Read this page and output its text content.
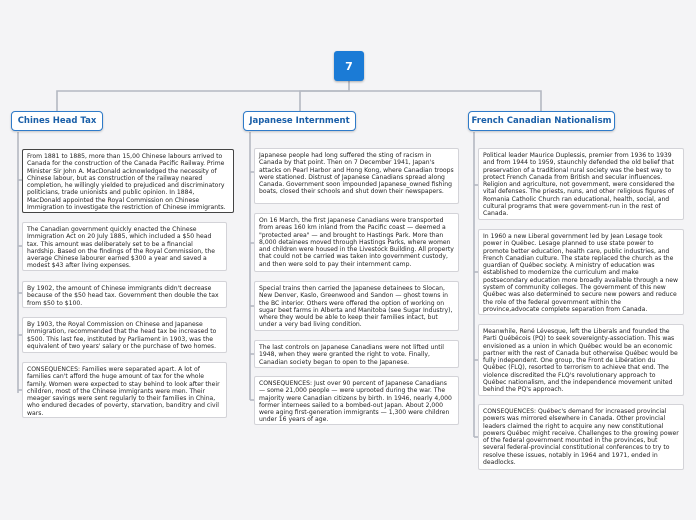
7
Chines Head Tax	Japanese Internment	French Canadian Nationalism
From 1881 to 1885, more than 15,00 Chinese labours arrived to Canada for the construction of the Canada Pacific Railway. Prime Minister Sir John A. MacDonald acknowledged the necessity of Chinese labour, but as construction of the railway neared completion, he willingly yielded to prejudiced and discriminatory politicians, trade unionists and public opinion. In 1884, MacDonald appointed the Royal Commission on Chinese Immigration to investigate the restriction of Chinese immigrants.
The Canadian government quickly enacted the Chinese Immigration Act on 20 July 1885, which included a $50 head tax. This amount was deliberately set to be a financial hardship. Based on the findings of the Royal Commission, the average Chinese labourer earned $300 a year and saved a modest $43 after living expenses.
By 1902, the amount of Chinese immigrants didn't decrease because of the $50 head tax. Government then double the tax from $50 to $100.
By 1903, the Royal Commission on Chinese and Japanese Immigration, recommended that the head tax be increased to $500. This last fee, instituted by Parliament in 1903, was the equivalent of two years' salary or the purchase of two homes.
CONSEQUENCES: Families were separated apart. A lot of families can't afford the huge amount of tax for the whole family. Women were expected to stay behind to look after their children, most of the Chinese immigrants were men. Their meager savings were sent regularly to their families in China, who endured decades of poverty, starvation, banditry and civil wars.
Japanese people had long suffered the sting of racism in Canada by that point. Then on 7 December 1941, Japan's attacks on Pearl Harbor and Hong Kong, where Canadian troops were stationed. Distrust of Japanese Canadians spread along Canada. Government soon impounded Japanese_owned fishing boats, closed their schools and shut down their newspapers.
On 16 March, the first Japanese Canadians were transported from areas 160 km inland from the Pacific coast — deemed a "protected area" — and brought to Hastings Park. More than 8,000 detainees moved through Hastings Parks, where women and children were housed in the Livestock Building. All property that could not be carried was taken into government custody, and then were sold to pay their internment camp.
Special trains then carried the Japanese detainees to Slocan, New Denver, Kaslo, Greenwood and Sandon — ghost towns in the BC interior. Others were offered the option of working on sugar beet farms in Alberta and Manitoba (see Sugar Industry), where they would be able to keep their families intact, but under a very bad living condition.
The last controls on Japanese Canadians were not lifted until 1948, when they were granted the right to vote. Finally, Canadian society began to open to the Japanese.
CONSEQUENCES: Just over 90 percent of Japanese Canadians — some 21,000 people — were uprooted during the war. The majority were Canadian citizens by birth. In 1946, nearly 4,000 former internees sailed to a bombed-out Japan. About 2,000 were aging first-generation immigrants — 1,300 were children under 16 years of age.
Political leader Maurice Duplessis, premier from 1936 to 1939 and from 1944 to 1959, staunchly defended the old belief that preservation of a traditional rural society was the best way to protect French Canada from British and secular influences. Religion and agriculture, not government, were considered the vital defenses. The priests, nuns, and other religious figures of Romania Catholic Church ran educational, health, social, and cultural programs that were government-run in the rest of Canada.
In 1960 a new Liberal government led by Jean Lesage took power in Québec. Lesage planned to use state power to promote better education, health care, public industries, and French Canadian culture. The state replaced the church as the guardian of Québec society. A ministry of education was established to modernize the curriculum and make postsecondary education more broadly available through a new system of community colleges. The government of this new Québec was also determined to secure new powers and reduce the role of the federal government within the province,advocate complete separation from Canada.
Meanwhile, René Lévesque, left the Liberals and founded the Parti Québécois (PQ) to seek sovereignty-association. This was envisioned as a union in which Québec would be an economic partner with the rest of Canada but otherwise Québec would be fully independent. One group, the Front de Libération du Québec (FLQ), resorted to terrorism to achieve that end. The violence discredited the FLQ's revolutionary approach to Québec nationalism, and the independence movement united behind the PQ's approach.
CONSEQUENCES: Québec's demand for increased provincial powers was mirrored elsewhere in Canada. Other provincial leaders claimed the right to acquire any new constitutional powers Québec might receive. Challenges to the growing power of the federal government mounted in the provinces, but several federal-provincial constitutional conferences to try to resolve these issues, notably in 1964 and 1971, ended in deadlocks.
